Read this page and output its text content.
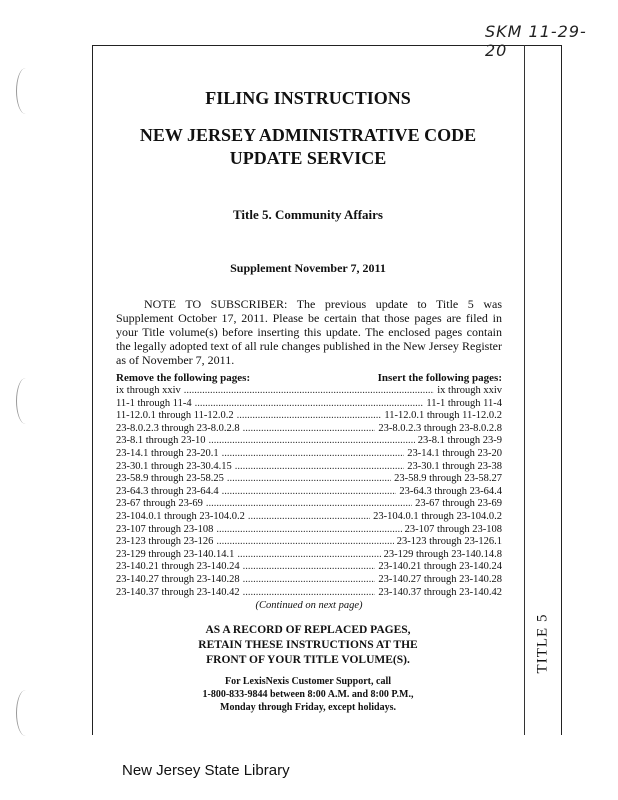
SKM 11-29-20
TITLE 5
FILING INSTRUCTIONS
NEW JERSEY ADMINISTRATIVE CODE
UPDATE SERVICE
Title 5. Community Affairs
Supplement November 7, 2011

NOTE TO SUBSCRIBER: The previous update to Title 5 was Supplement October 17, 2011. Please be certain that those pages are filed in your Title volume(s) before inserting this update. The enclosed pages contain the legally adopted text of all rule changes published in the New Jersey Register as of November 7, 2011.

Remove the following pages:	Insert the following pages:
ix through xxiv .....	ix through xxiv
11-1 through 11-4 .....	11-1 through 11-4
11-12.0.1 through 11-12.0.2 .....	11-12.0.1 through 11-12.0.2
23-8.0.2.3 through 23-8.0.2.8 .....	23-8.0.2.3 through 23-8.0.2.8
23-8.1 through 23-10 .....	23-8.1 through 23-9
23-14.1 through 23-20.1 .....	23-14.1 through 23-20
23-30.1 through 23-30.4.15 .....	23-30.1 through 23-38
23-58.9 through 23-58.25 .....	23-58.9 through 23-58.27
23-64.3 through 23-64.4 .....	23-64.3 through 23-64.4
23-67 through 23-69 .....	23-67 through 23-69
23-104.0.1 through 23-104.0.2 .....	23-104.0.1 through 23-104.0.2
23-107 through 23-108 .....	23-107 through 23-108
23-123 through 23-126 .....	23-123 through 23-126.1
23-129 through 23-140.14.1 .....	23-129 through 23-140.14.8
23-140.21 through 23-140.24 .....	23-140.21 through 23-140.24
23-140.27 through 23-140.28 .....	23-140.27 through 23-140.28
23-140.37 through 23-140.42 .....	23-140.37 through 23-140.42
(Continued on next page)
AS A RECORD OF REPLACED PAGES,
RETAIN THESE INSTRUCTIONS AT THE
FRONT OF YOUR TITLE VOLUME(S).
For LexisNexis Customer Support, call
1-800-833-9844 between 8:00 A.M. and 8:00 P.M.,
Monday through Friday, except holidays.
New Jersey State Library
